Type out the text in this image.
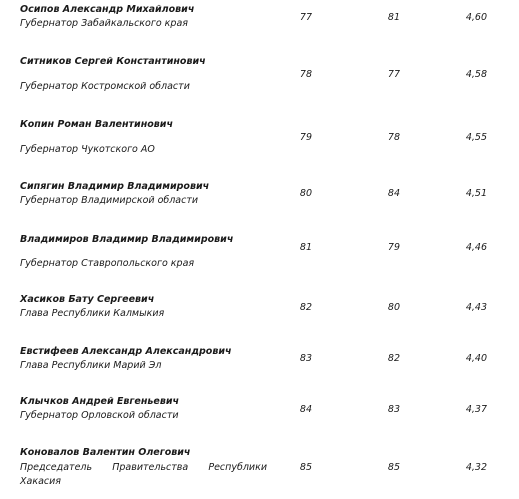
Осипов Александр Михайлович
Губернатор Забайкальского края
77	81	4,60
Ситников Сергей Константинович
Губернатор Костромской области
78	77	4,58
Копин Роман Валентинович
Губернатор Чукотского АО
79	78	4,55
Сипягин Владимир Владимирович
Губернатор Владимирской области
80	84	4,51
Владимиров Владимир Владимирович
Губернатор Ставропольского края
81	79	4,46
Хасиков Бату Сергеевич
Глава Республики Калмыкия
82	80	4,43
Евстифеев Александр Александрович
Глава Республики Марий Эл
83	82	4,40
Клычков Андрей Евгеньевич
Губернатор Орловской области
84	83	4,37
Коновалов Валентин Олегович
Председатель Правительства Республики
Хакасия
85	85	4,32
